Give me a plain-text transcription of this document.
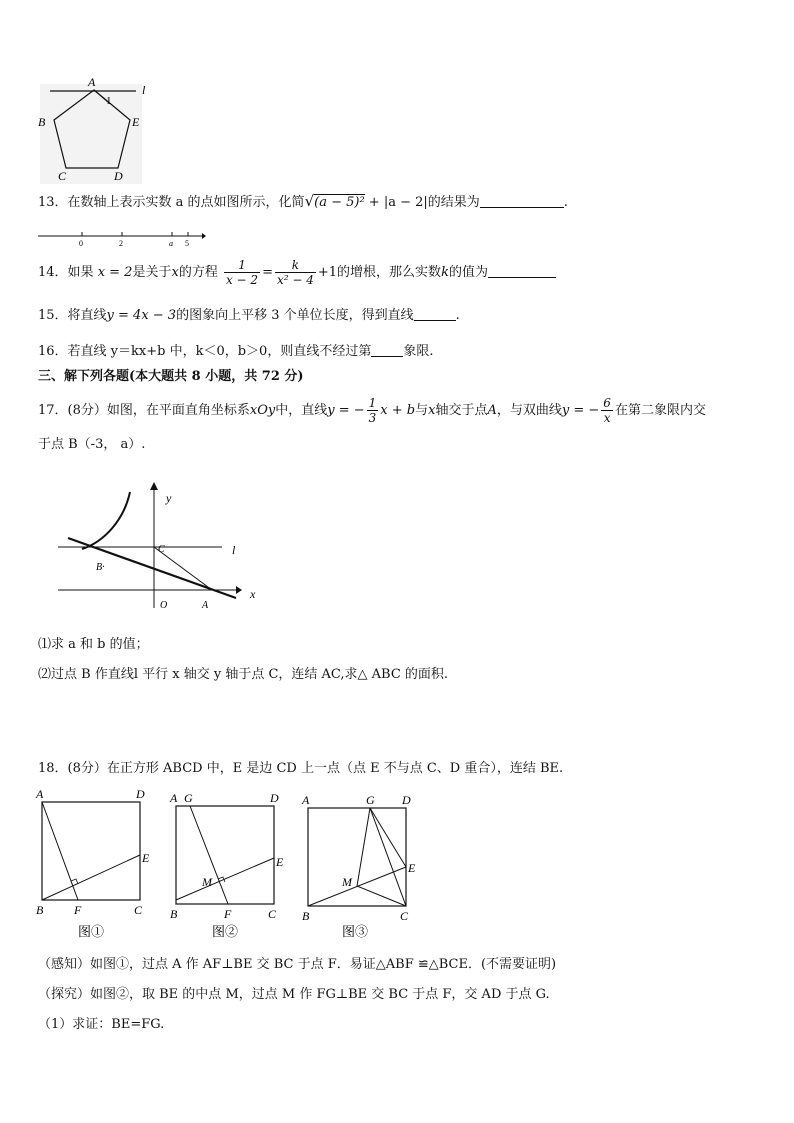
A
l
1
B	E
C	D
13．在数轴上表示实数 a 的点如图所示，化简√(a − 5)² + |a − 2|的结果为	.
0	2	a 5
14．如果 x = 2是关于x的方程 $\frac{1}{x - 2} = \frac{k}{\text{x² − 4}} +1$的增根，那么实数k的值为
15．将直线y = 4x − 3的图象向上平移 3 个单位长度，得到直线	.
16．若直线 y＝kx+b 中，k＜0，b＞0，则直线不经过第 象限.
三、解下列各题(本大题共 8 小题，共 72 分)
17．(8分）如图，在平面直角坐标系xOy中，直线y = − $\frac{1}{3}$ x + b与x轴交于点A，与双曲线y = − $\frac{6}{x}$ 在第二象限内交
于点 B（-3， a）.
y
x
O	A
B·
C	l
⑴求 a 和 b 的值；
⑵过点 B 作直线l 平行 x 轴交 y 轴于点 C，连结 AC,求△ ABC 的面积.
18．(8分）在正方形 ABCD 中，E 是边 CD 上一点（点 E 不与点 C、D 重合），连结 BE.
A	D
E
B	F	C
图①
A G	D
E
M
B	F	C
图②
A	G D
E
M
B	C
图③
（感知）如图①，过点 A 作 AF⊥BE 交 BC 于点 F．易证△ABF ≌△BCE．(不需要证明)
（探究）如图②，取 BE 的中点 M，过点 M 作 FG⊥BE 交 BC 于点 F，交 AD 于点 G.
（1）求证：BE=FG.
